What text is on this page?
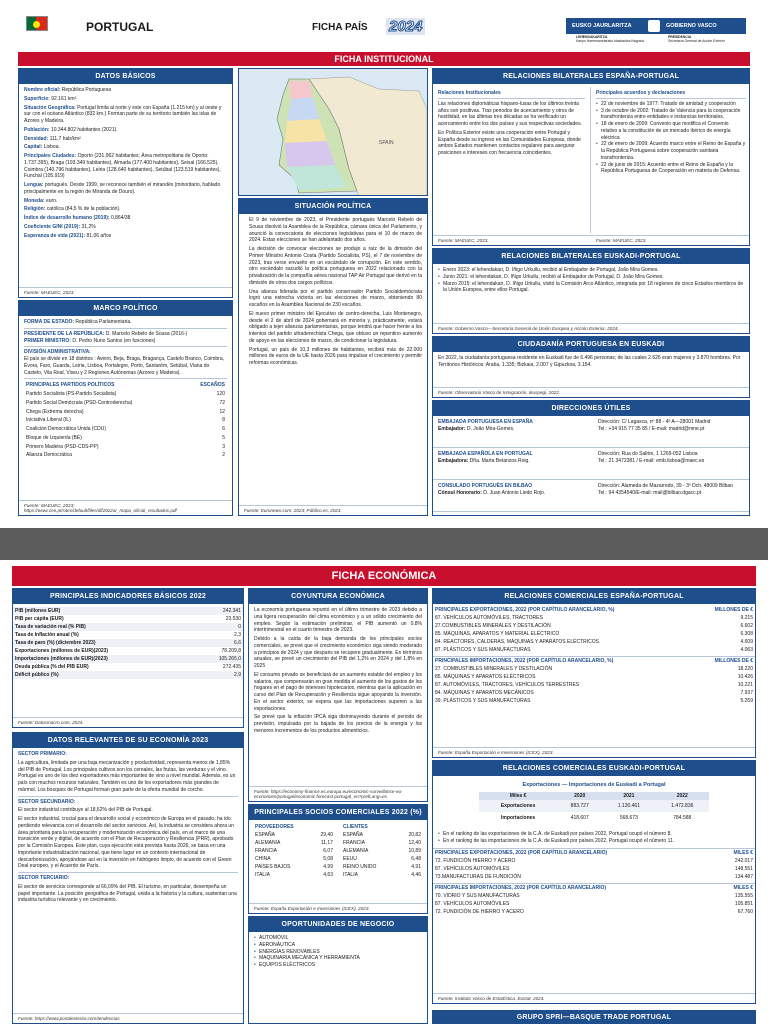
PORTUGAL	FICHA PAÍS 2024	EUSKO JAURLARITZA	GOBIERNO VASCO
LEHENDAKARITZA
Kanpo Harremanetarako Idazkaritza Nagusia
PRESIDENCIA
Secretaría General de Acción Exterior
FICHA INSTITUCIONAL
DATOS BÁSICOS

Nombre oficial: República Portuguesa

Superficie: 92.161 km²

Situación Geográfica: Portugal limita al norte y este con España (1.215 km) y al oeste y sur con el océano Atlántico (832 km.) Forman parte de su territorio también las islas de Azores y Madeira.

Población: 10.344.802 habitantes (2021).

Densidad: 111,7 hab/km²

Capital: Lisboa.

Principales Ciudades: Oporto (231.962 habitantes; Área metropolitana de Oporto: 1.737.395), Braga (193.349 habitantes), Almada (177.400 habitantes), Seixal (166.525), Coimbra (140.796 habitantes), Leiria (128.640 habitantes), Setúbal (123.519 habitantes), Funchal (105.919)

Lengua: portugués. Desde 1999, se reconoce también el mirandés (minoritario, hablado principalmente en la región de Miranda de Douro).

Moneda: euro.

Religión: católica (84,5 % de la población).

Índice de desarrollo humano (2019): 0,864/38

Coeficiente GINI (2019): 31,2%

Esperanza de vida (2021): 81,06 años

Fuente: MAEUEC, 2023.
MARCO POLÍTICO

FORMA DE ESTADO: República Parlamentaria.

PRESIDENTE DE LA REPÚBLICA: D. Marcelo Rebelo de Sousa (2016-)

PRIMER MINISTRO: D. Pedro Nuno Santos (en funciones)

DIVISIÓN ADMINISTRATIVA:

El país se divide en 18 distritos : Aveiro, Beja, Braga, Bragança, Castelo Branco, Coimbra, Évora, Faro, Guarda, Leiria, Lisboa, Portalegre, Porto, Santarém, Setúbal, Viana do Castelo, Vila Real, Viseu y 2 Regiones Autónomas (Azores y Madeira).

PRINCIPALES PARTIDOS POLÍTICOS	ESCAÑOS
Partido Socialista (PS-Partido Socialista)	120
Partido Social Demócrata (PSD-Centroderecha)	72
Chega (Extrema derecha)	12
Iniciativa Liberal (IL)	8
Coalición Democrática Unida (CDU)	6
Bloque de Izquierda (BE)	5
Primero Madeira (PSD-CDS-PP)	3
Alianza Democrática	2
Fuente: MAEUEC, 2023; https://www.cne.pt/sites/default/files/dl/2022ar_mapa_oficial_resultados.pdf
SPAIN
SITUACIÓN POLÍTICA

El 9 de noviembre de 2023, el Presidente portugués Marcelo Rebelo de Sousa disolvió la Asamblea de la República, cámara única del Parlamento, y anunció la convocatoria de elecciones legislativas para el 10 de marzo de 2024. Estas elecciones se han adelantado dos años.

La decisión de convocar elecciones se produjo a raíz de la dimisión del Primer Ministro Antonio Costa (Partido Socialista, PS), el 7 de noviembre de 2023, tras verse envuelto en un escándalo de corrupción. En este sentido, otro escándalo sacudió la política portuguesa en 2022 relacionado con la privatización de la compañía aérea nacional TAP Air Portugal que derivó en la dimisión de otros dos cargos políticos.

Una alianza liderada por el partido conservador Partido Socialdemócrata logró una estrecha victoria en las elecciones de marzo, obteniendo 80 escaños en la Asamblea Nacional de 230 escaños.

El nuevo primer ministro del Ejecutivo de centro-derecha, Luis Montenegro, desde el 2 de abril de 2024 gobernará en minoría y, prácticamente, estará obligado a tejer alianzas parlamentarias, porque tendrá que hacer frente a los intentos del partido ultraderechista Chega, que obtuvo un repentino aumento de apoyo en las elecciones de marzo, de condicionar la legislatura.

Portugal, un país de 10,3 millones de habitantes, recibirá más de 22.000 millones de euros de la UE hasta 2026 para impulsar el crecimiento y permitir reformas económicas.

Fuente: Euronews.com, 2024; Público.es, 2024.
RELACIONES BILATERALES ESPAÑA-PORTUGAL

Relaciones Institucionales

Las relaciones diplomáticas hispano-lusas de los últimos treinta años son positivas. Tras periodos de acercamiento y otros de hostilidad, en las últimas tres décadas se ha verificado un acercamiento entre los dos países y sus respectivas sociedades.

En Política Exterior existe una cooperación entre Portugal y España desde su ingreso en las Comunidades Europeas, donde ambos Estados mantienen contactos regulares para asegurar posiciones e intereses con frecuencia coincidentes.

Principales acuerdos y declaraciones

• 22 de noviembre de 1977: Tratado de amistad y cooperación
• 3 de octubre de 2002: Tratado de Valencia para la cooperación transfronteriza entre entidades e instancias territoriales.
• 18 de enero de 2009: Convenio que modifica el Convenio relativo a la constitución de un mercado ibérico de energía eléctrica
• 22 de enero de 2009: Acuerdo marco entre el Reino de España y la República Portuguesa sobre cooperación sanitaria transfronteriza.
• 22 de junio de 2015: Acuerdo entre el Reino de España y la República Portuguesa de Cooperación en materia de Defensa.
Fuente: MAEUEC, 2023.	Fuente: MAEUEC, 2023.
RELACIONES BILATERALES EUSKADI-PORTUGAL
• Enero 2023: el lehendakari, D. Iñigo Urkullu, recibió al Embajador de Portugal, João Mira Gomes.
• Junio 2021: el lehendakari, D. Iñigo Urkullu, recibió al Embajador de Portugal, D. João Mira Gomes.
• Marzo 2015: el lehendakari, D. Iñigo Urkullu, visitó la Comisión Arco Atlántico, integrada por 18 regiones de cinco Estados miembros de la Unión Europea, entre ellos Portugal.
Fuente: Gobierno Vasco—Secretaría General de Unión Europea y Acción Exterior, 2024.
CIUDADANÍA PORTUGUESA EN EUSKADI

En 2022, la ciudadanía portuguesa residente en Euskadi fue de 6.496 personas; de las cuales 2.626 eran mujeres y 3.870 hombres. Por Territorios Históricos: Araba, 1.335; Bizkaia, 2.007 y Gipuzkoa, 3.154.

Fuente: Observatorio Vasco de Inmigración, Ikuspegi, 2022.
DIRECCIONES ÚTILES
EMBAJADA PORTUGUESA EN ESPAÑA
Embajador: D. João Mira-Gomes.
Dirección: C/ Lagasca, nº 88 - 4ª A—28001 Madrid
Tel.: +34 915 77 35 85 / E-mail: madrid@mne.pt
EMBAJADA ESPAÑOLA EN PORTUGAL
Embajadora: Dña. Marta Betanzos Roig.
Dirección: Rua do Salitre, 1 1269-052 Lisboa
Tel.: 21 3472381 / E-mail: emb.lisboa@maec.es
CONSULADO PORTUGUÉS EN BILBAO
Cónsul Honorario: D. Juan Antonio Liedo Rojo.
Dirección: Alameda de Mazarredo, 39 - 3º Dch. 48009 Bilbao
Tel.: 94 4354540/E-mail: mail@bilbao.dgacc.pt
FICHA ECONÓMICA
PRINCIPALES INDICADORES BÁSICOS 2022
PIB (millones EUR)	242.341
PIB per cápita (EUR)	23.530
Tasa de variación real (% PIB)	0
Tasa de Inflación anual (%)	2,3
Tasa de paro (%) (diciembre 2023)	6,6
Exportaciones (millones de EUR)(2023)	78.209,8
Importaciones (millones de EUR)(2023)	105.265,0
Deuda pública (% del PIB EUR)	272.435
Déficit público (%)	2,9
Fuente: Datosmacro.com, 2024.
DATOS RELEVANTES DE SU ECONOMÍA 2023

SECTOR PRIMARIO:

La agricultura, limitada por una baja mecanización y productividad, representa menos de 1,85% del PIB de Portugal. Los principales cultivos son los cereales, las frutas, las verduras y el vino. Portugal es uno de los diez exportadores más importantes de vino a nivel mundial. Además, es un país con muchos recursos naturales. También es uno de los exportadores más grandes de mármol. Los bosques de Portugal forman gran parte de la oferta mundial de corcho.

SECTOR SECUNDARIO:

El sector industrial contribuye al 18,62% del PIB de Portugal.

El sector industrial, crucial para el desarrollo social y económico de Europa en el pasado, ha ido perdiendo relevancia con el desarrollo del sector servicios. Así, la industria se considera ahora un área prioritaria para la recuperación y modernización económica del país, en el marco de una transición verde y digital, de acuerdo con el Plan de Recuperación y Resiliencia (PRR), aprobado por la Comisión Europea. Este plan, cuya ejecución está prevista hasta 2026, se basa en una importante industrialización nacional, que tiene lugar en un contexto internacional de descarbonización, apoyándose así en la inversión en hidrógeno limpio, de acuerdo con el Green Deal europeo, y el Acuerdo de París.

SECTOR TERCIARIO:

El sector de servicios corresponde al 66,09% del PIB. El turismo, en particular, desempeña un papel importante. La posición geográfica de Portugal, unida a la historia y la cultura, sustentan una industria turística relevante y en crecimiento.

Fuente: https://www.portalexterior.com/tendencias
COYUNTURA ECONÓMICA

La economía portuguesa repuntó en el último trimestre de 2023 debido a una ligera recuperación del clima económico y a un sólido crecimiento del empleo. Según la estimación preliminar, el PIB aumentó un 0,8% intertrimestral en el cuarto trimestre de 2023.

Debido a la caída de la baja demanda de los principales socios comerciales, se prevé que el crecimiento económico siga siendo moderado a principios de 2024 y que después se recupere gradualmente. En términos anuales, se prevé un crecimiento del PIB del 1,2% en 2024 y del 1,8% en 2025

El consumo privado se beneficiará de un aumento estable del empleo y los salarios, que compensarán en gran medida el aumento de los gastos de los hogares en el pago de intereses hipotecarios, mientras que la aplicación en curso del Plan de Recuperación y Resiliencia sigue apoyando la inversión. En el sector exterior, se espera que las importaciones superen a las exportaciones.

Se prevé que la inflación IPCA siga disminuyendo durante el periodo de previsión, impulsada por la bajada de los precios de la energía y los menores incrementos de los productos alimenticios.

Fuente: https://economy-finance.ec.europa.eu/economic-surveillance-eu-economies/portugal/economic-forecast-portugal_en?prefLang=es
PRINCIPALES SOCIOS COMERCIALES 2022 (%)
PROVEEDORES	
ESPAÑA	29,40
ALEMANIA	11,17
FRANCIA	6,07
CHINA	5,08
PAÍSES BAJOS	4,99
ITALIA	4,63
CLIENTES	
ESPAÑA	20,82
FRANCIA	12,40
ALEMANIA	10,89
EEUU	6,48
REINO UNIDO	4,91
ITALIA	4,46
Fuente: España Exportación e Inversiones (ICEX), 2023.
OPORTUNIDADES DE NEGOCIO
• AUTOMÓVIL
• AERONÁUTICA
• ENERGÍAS RENOVABLES
• MAQUINARIA MECÁNICA Y HERRAMIENTA
• EQUIPOS ELÉCTRICOS
RELACIONES COMERCIALES ESPAÑA-PORTUGAL
PRINCIPALES EXPORTACIONES, 2022 (POR CAPÍTULO ARANCELARIO, %)	MILLONES DE €
87. VEHÍCULOS AUTOMÓVILES, TRACTORES	9.215
27.COMBUSTIBLES MINERALES Y DESTILACIÓN	6.602
85. MÁQUINAS, APARATOS Y MATERIAL ELÉCTRICO	6.308
84. REACTORES, CALDERAS, MÁQUINAS Y APARATOS ELÉCTRICOS	4.609
87. PLÁSTICOS Y SUS MANUFACTURAS	4.063
PRINCIPALES IMPORTACIONES, 2022 (POR CAPÍTULO ARANCELARIO, %)	MILLONES DE €
27. COMBUSTIBLES MINERALES Y DESTILACIÓN	18.220
85. MÁQUINAS Y APARATOS ELÉCTRICOS	10.426
87. AUTOMÓVILES, TRACTORES, VEHÍCULOS TERRESTRES	10.221
84. MÁQUINAS Y APARATOS MECÁNICOS	7.937
39. PLÁSTICOS Y SUS MANUFACTURAS	5.259
Fuente: España Exportación e Inversiones (ICEX), 2023.
RELACIONES COMERCIALES EUSKADI-PORTUGAL
Exportaciones — Importaciones de Euskadi a Portugal
Miles €	2020	2021	2022
Exportaciones	883.727	1.130.461	1.472.836
Importaciones	418.607	568.673	784.588
• En el ranking de las exportaciones de la C.A. de Euskadi por países 2022, Portugal ocupó el número 8.
• En el ranking de las importaciones de la C.A. de Euskadi por países 2022, Portugal ocupó el número 11.
PRINCIPALES EXPORTACIONES, 2022 (POR CAPÍTULO ARANCELARIO)	MILES €
72. FUNDICIÓN HIERRO Y ACERO	242.017
87. VEHÍCULOS AUTOMÓVILES	148.551
73.MANUFACTURAS DE FUNDICIÓN	134.487
PRINCIPALES IMPORTACIONES, 2022 (POR CAPÍTULO ARANCELARIO)	MILES €
70. VIDRIO Y SUS MANUFACTURAS	135.555
87. VEHÍCULOS AUTOMÓVILES	105.851
72. FUNDICIÓN DE HIERRO Y ACERO	67.760
Fuente: Instituto Vasco de Estadística, Eustat, 2024.
GRUPO SPRI—BASQUE TRADE PORTUGAL
